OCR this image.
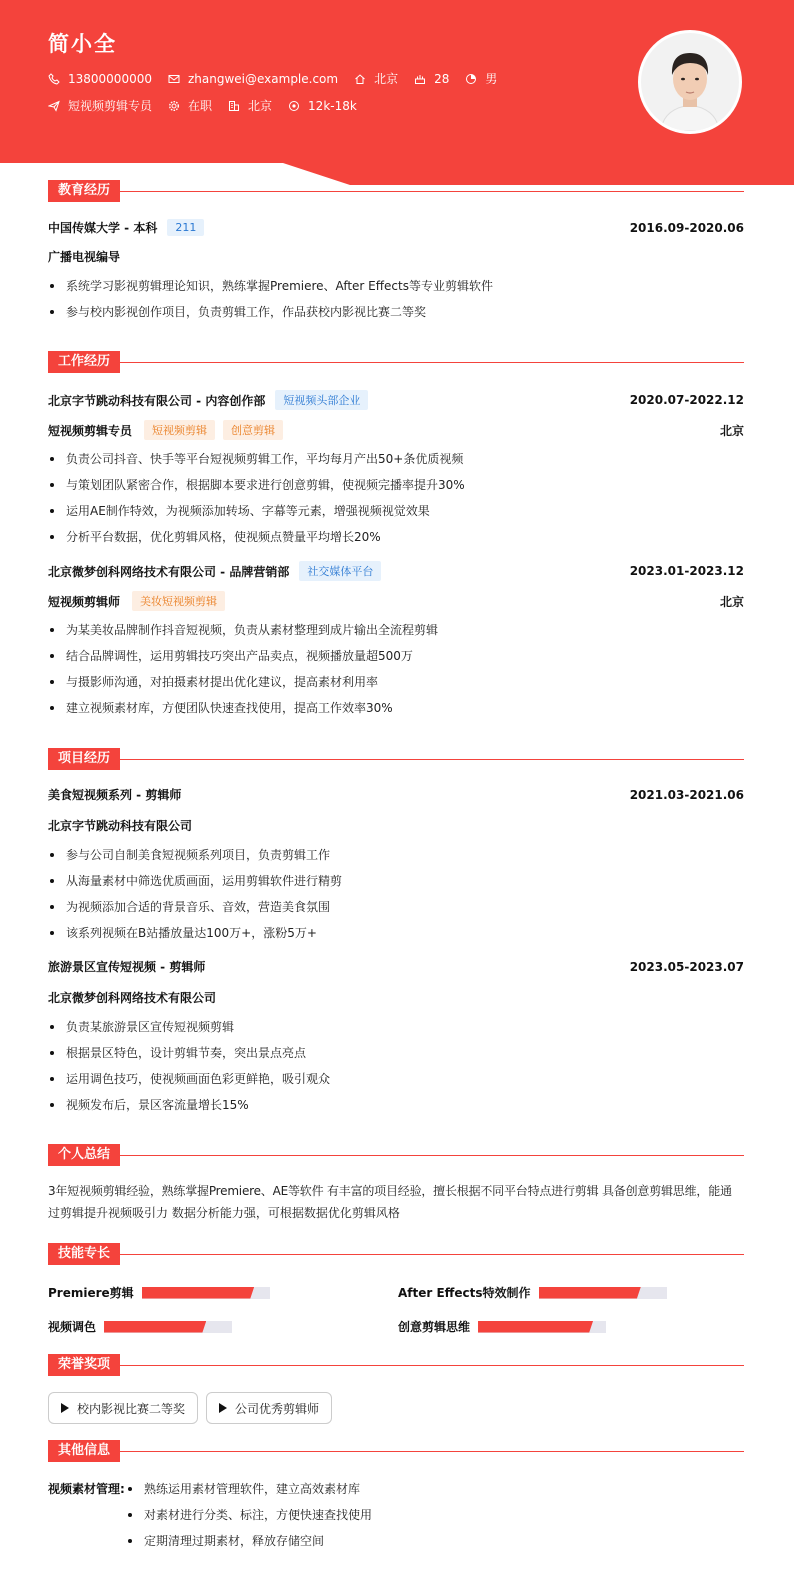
简小全
13800000000	zhangwei@example.com	北京	28	男
短视频剪辑专员	在职	北京	12k-18k
教育经历
中国传媒大学 - 本科	211	2016.09-2020.06
广播电视编导
系统学习影视剪辑理论知识，熟练掌握Premiere、After Effects等专业剪辑软件
参与校内影视创作项目，负责剪辑工作，作品获校内影视比赛二等奖
工作经历
北京字节跳动科技有限公司 - 内容创作部	短视频头部企业	2020.07-2022.12
短视频剪辑专员	短视频剪辑	创意剪辑	北京
负责公司抖音、快手等平台短视频剪辑工作，平均每月产出50+条优质视频
与策划团队紧密合作，根据脚本要求进行创意剪辑，使视频完播率提升30%
运用AE制作特效，为视频添加转场、字幕等元素，增强视频视觉效果
分析平台数据，优化剪辑风格，使视频点赞量平均增长20%
北京微梦创科网络技术有限公司 - 品牌营销部	社交媒体平台	2023.01-2023.12
短视频剪辑师	美妆短视频剪辑	北京
为某美妆品牌制作抖音短视频，负责从素材整理到成片输出全流程剪辑
结合品牌调性，运用剪辑技巧突出产品卖点，视频播放量超500万
与摄影师沟通，对拍摄素材提出优化建议，提高素材利用率
建立视频素材库，方便团队快速查找使用，提高工作效率30%
项目经历
美食短视频系列 - 剪辑师	2021.03-2021.06
北京字节跳动科技有限公司
参与公司自制美食短视频系列项目，负责剪辑工作
从海量素材中筛选优质画面，运用剪辑软件进行精剪
为视频添加合适的背景音乐、音效，营造美食氛围
该系列视频在B站播放量达100万+，涨粉5万+
旅游景区宣传短视频 - 剪辑师	2023.05-2023.07
北京微梦创科网络技术有限公司
负责某旅游景区宣传短视频剪辑
根据景区特色，设计剪辑节奏，突出景点亮点
运用调色技巧，使视频画面色彩更鲜艳，吸引观众
视频发布后，景区客流量增长15%
个人总结
3年短视频剪辑经验，熟练掌握Premiere、AE等软件 有丰富的项目经验，擅长根据不同平台特点进行剪辑 具备创意剪辑思维，能通
过剪辑提升视频吸引力 数据分析能力强，可根据数据优化剪辑风格
技能专长
Premiere剪辑	After Effects特效制作
视频调色	创意剪辑思维
荣誉奖项
校内影视比赛二等奖	公司优秀剪辑师
其他信息
视频素材管理:	熟练运用素材管理软件，建立高效素材库
对素材进行分类、标注，方便快速查找使用
定期清理过期素材，释放存储空间
